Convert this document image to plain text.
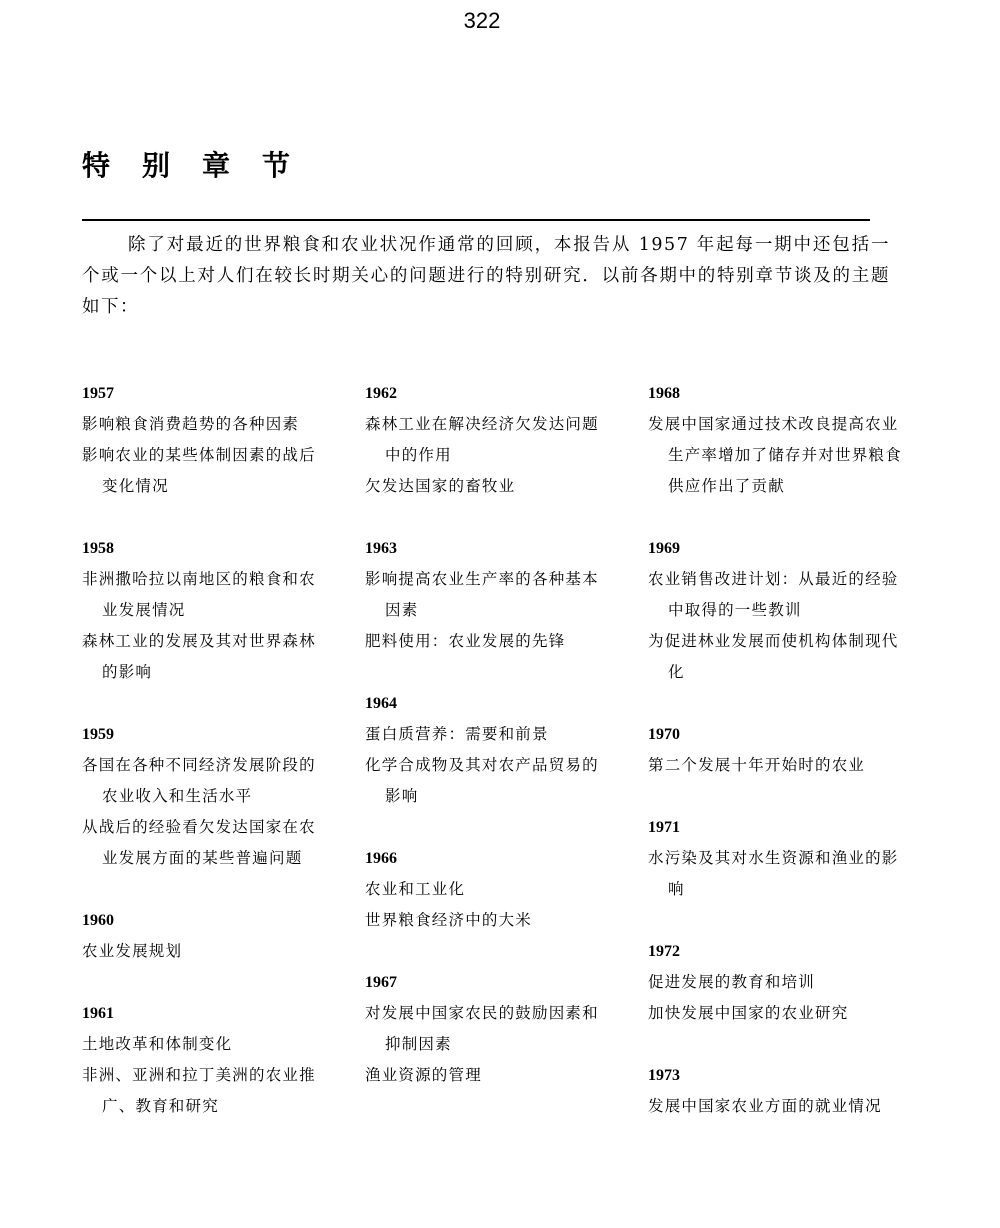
322
特别章节

除了对最近的世界粮食和农业状况作通常的回顾，本报告从 1957 年起每一期中还包括一个或一个以上对人们在较长时期关心的问题进行的特别研究．以前各期中的特别章节谈及的主题如下：

1957
影响粮食消费趋势的各种因素
影响农业的某些体制因素的战后变化情况
1958
非洲撒哈拉以南地区的粮食和农业发展情况
森林工业的发展及其对世界森林的影响
1959
各国在各种不同经济发展阶段的农业收入和生活水平
从战后的经验看欠发达国家在农业发展方面的某些普遍问题
1960
农业发展规划
1961
土地改革和体制变化
非洲、亚洲和拉丁美洲的农业推广、教育和研究
1962
森林工业在解决经济欠发达问题中的作用
欠发达国家的畜牧业
1963
影响提高农业生产率的各种基本因素
肥料使用：农业发展的先锋
1964
蛋白质营养：需要和前景
化学合成物及其对农产品贸易的影响
1966
农业和工业化
世界粮食经济中的大米
1967
对发展中国家农民的鼓励因素和抑制因素
渔业资源的管理
1968
发展中国家通过技术改良提高农业生产率增加了储存并对世界粮食供应作出了贡献
1969
农业销售改进计划：从最近的经验中取得的一些教训
为促进林业发展而使机构体制现代化
1970
第二个发展十年开始时的农业
1971
水污染及其对水生资源和渔业的影响
1972
促进发展的教育和培训
加快发展中国家的农业研究
1973
发展中国家农业方面的就业情况
